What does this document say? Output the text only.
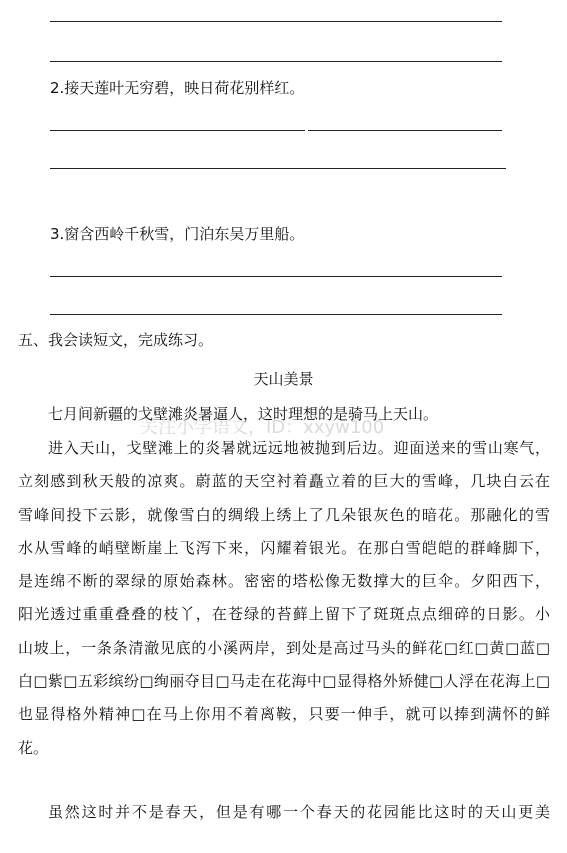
2.接天莲叶无穷碧，映日荷花别样红。
3.窗含西岭千秋雪，门泊东吴万里船。
五、我会读短文，完成练习。
天山美景
关注小学语文，ID：xxyw100
七月间新疆的戈壁滩炎暑逼人，这时理想的是骑马上天山。
进入天山，戈壁滩上的炎暑就远远地被抛到后边。迎面送来的雪山寒气，
立刻感到秋天般的凉爽。蔚蓝的天空衬着矗立着的巨大的雪峰，几块白云在
雪峰间投下云影，就像雪白的绸缎上绣上了几朵银灰色的暗花。那融化的雪
水从雪峰的峭壁断崖上飞泻下来，闪耀着银光。在那白雪皑皑的群峰脚下，
是连绵不断的翠绿的原始森林。密密的塔松像无数撑大的巨伞。夕阳西下，
阳光透过重重叠叠的枝丫，在苍绿的苔藓上留下了斑斑点点细碎的日影。小
山坡上，一条条清澈见底的小溪两岸，到处是高过马头的鲜花□红□黄□蓝□
白□紫□五彩缤纷□绚丽夺目□马走在花海中□显得格外矫健□人浮在花海上□
也显得格外精神□在马上你用不着离鞍，只要一伸手，就可以捧到满怀的鲜
花。
虽然这时并不是春天，但是有哪一个春天的花园能比这时的天山更美
